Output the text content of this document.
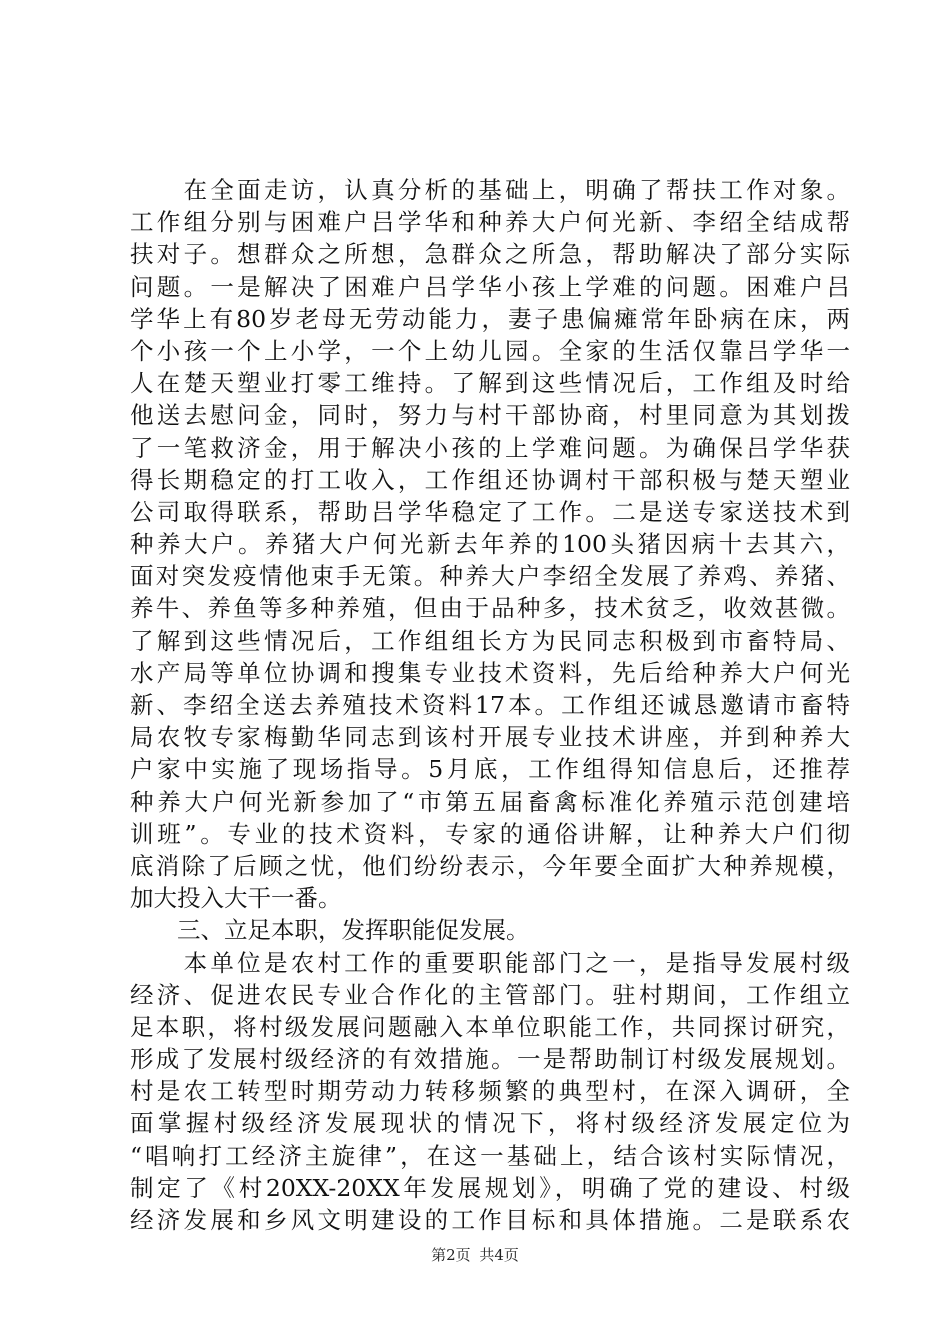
　　在全面走访，认真分析的基础上，明确了帮扶工作对象。
工作组分别与困难户吕学华和种养大户何光新、李绍全结成帮
扶对子。想群众之所想，急群众之所急，帮助解决了部分实际
问题。一是解决了困难户吕学华小孩上学难的问题。困难户吕
学华上有80岁老母无劳动能力，妻子患偏瘫常年卧病在床，两
个小孩一个上小学，一个上幼儿园。全家的生活仅靠吕学华一
人在楚天塑业打零工维持。了解到这些情况后，工作组及时给
他送去慰问金，同时，努力与村干部协商，村里同意为其划拨
了一笔救济金，用于解决小孩的上学难问题。为确保吕学华获
得长期稳定的打工收入，工作组还协调村干部积极与楚天塑业
公司取得联系，帮助吕学华稳定了工作。二是送专家送技术到
种养大户。养猪大户何光新去年养的100头猪因病十去其六，
面对突发疫情他束手无策。种养大户李绍全发展了养鸡、养猪、
养牛、养鱼等多种养殖，但由于品种多，技术贫乏，收效甚微。
了解到这些情况后，工作组组长方为民同志积极到市畜特局、
水产局等单位协调和搜集专业技术资料，先后给种养大户何光
新、李绍全送去养殖技术资料17本。工作组还诚恳邀请市畜特
局农牧专家梅勤华同志到该村开展专业技术讲座，并到种养大
户家中实施了现场指导。5月底，工作组得知信息后，还推荐
种养大户何光新参加了“市第五届畜禽标准化养殖示范创建培
训班”。专业的技术资料，专家的通俗讲解，让种养大户们彻
底消除了后顾之忧，他们纷纷表示，今年要全面扩大种养规模，
加大投入大干一番。
　　三、立足本职，发挥职能促发展。
　　本单位是农村工作的重要职能部门之一，是指导发展村级
经济、促进农民专业合作化的主管部门。驻村期间，工作组立
足本职，将村级发展问题融入本单位职能工作，共同探讨研究，
形成了发展村级经济的有效措施。一是帮助制订村级发展规划。
村是农工转型时期劳动力转移频繁的典型村，在深入调研，全
面掌握村级经济发展现状的情况下，将村级经济发展定位为
“唱响打工经济主旋律”，在这一基础上，结合该村实际情况，
制定了《村20XX-20XX年发展规划》，明确了党的建设、村级
经济发展和乡风文明建设的工作目标和具体措施。二是联系农
第2页 共4页
